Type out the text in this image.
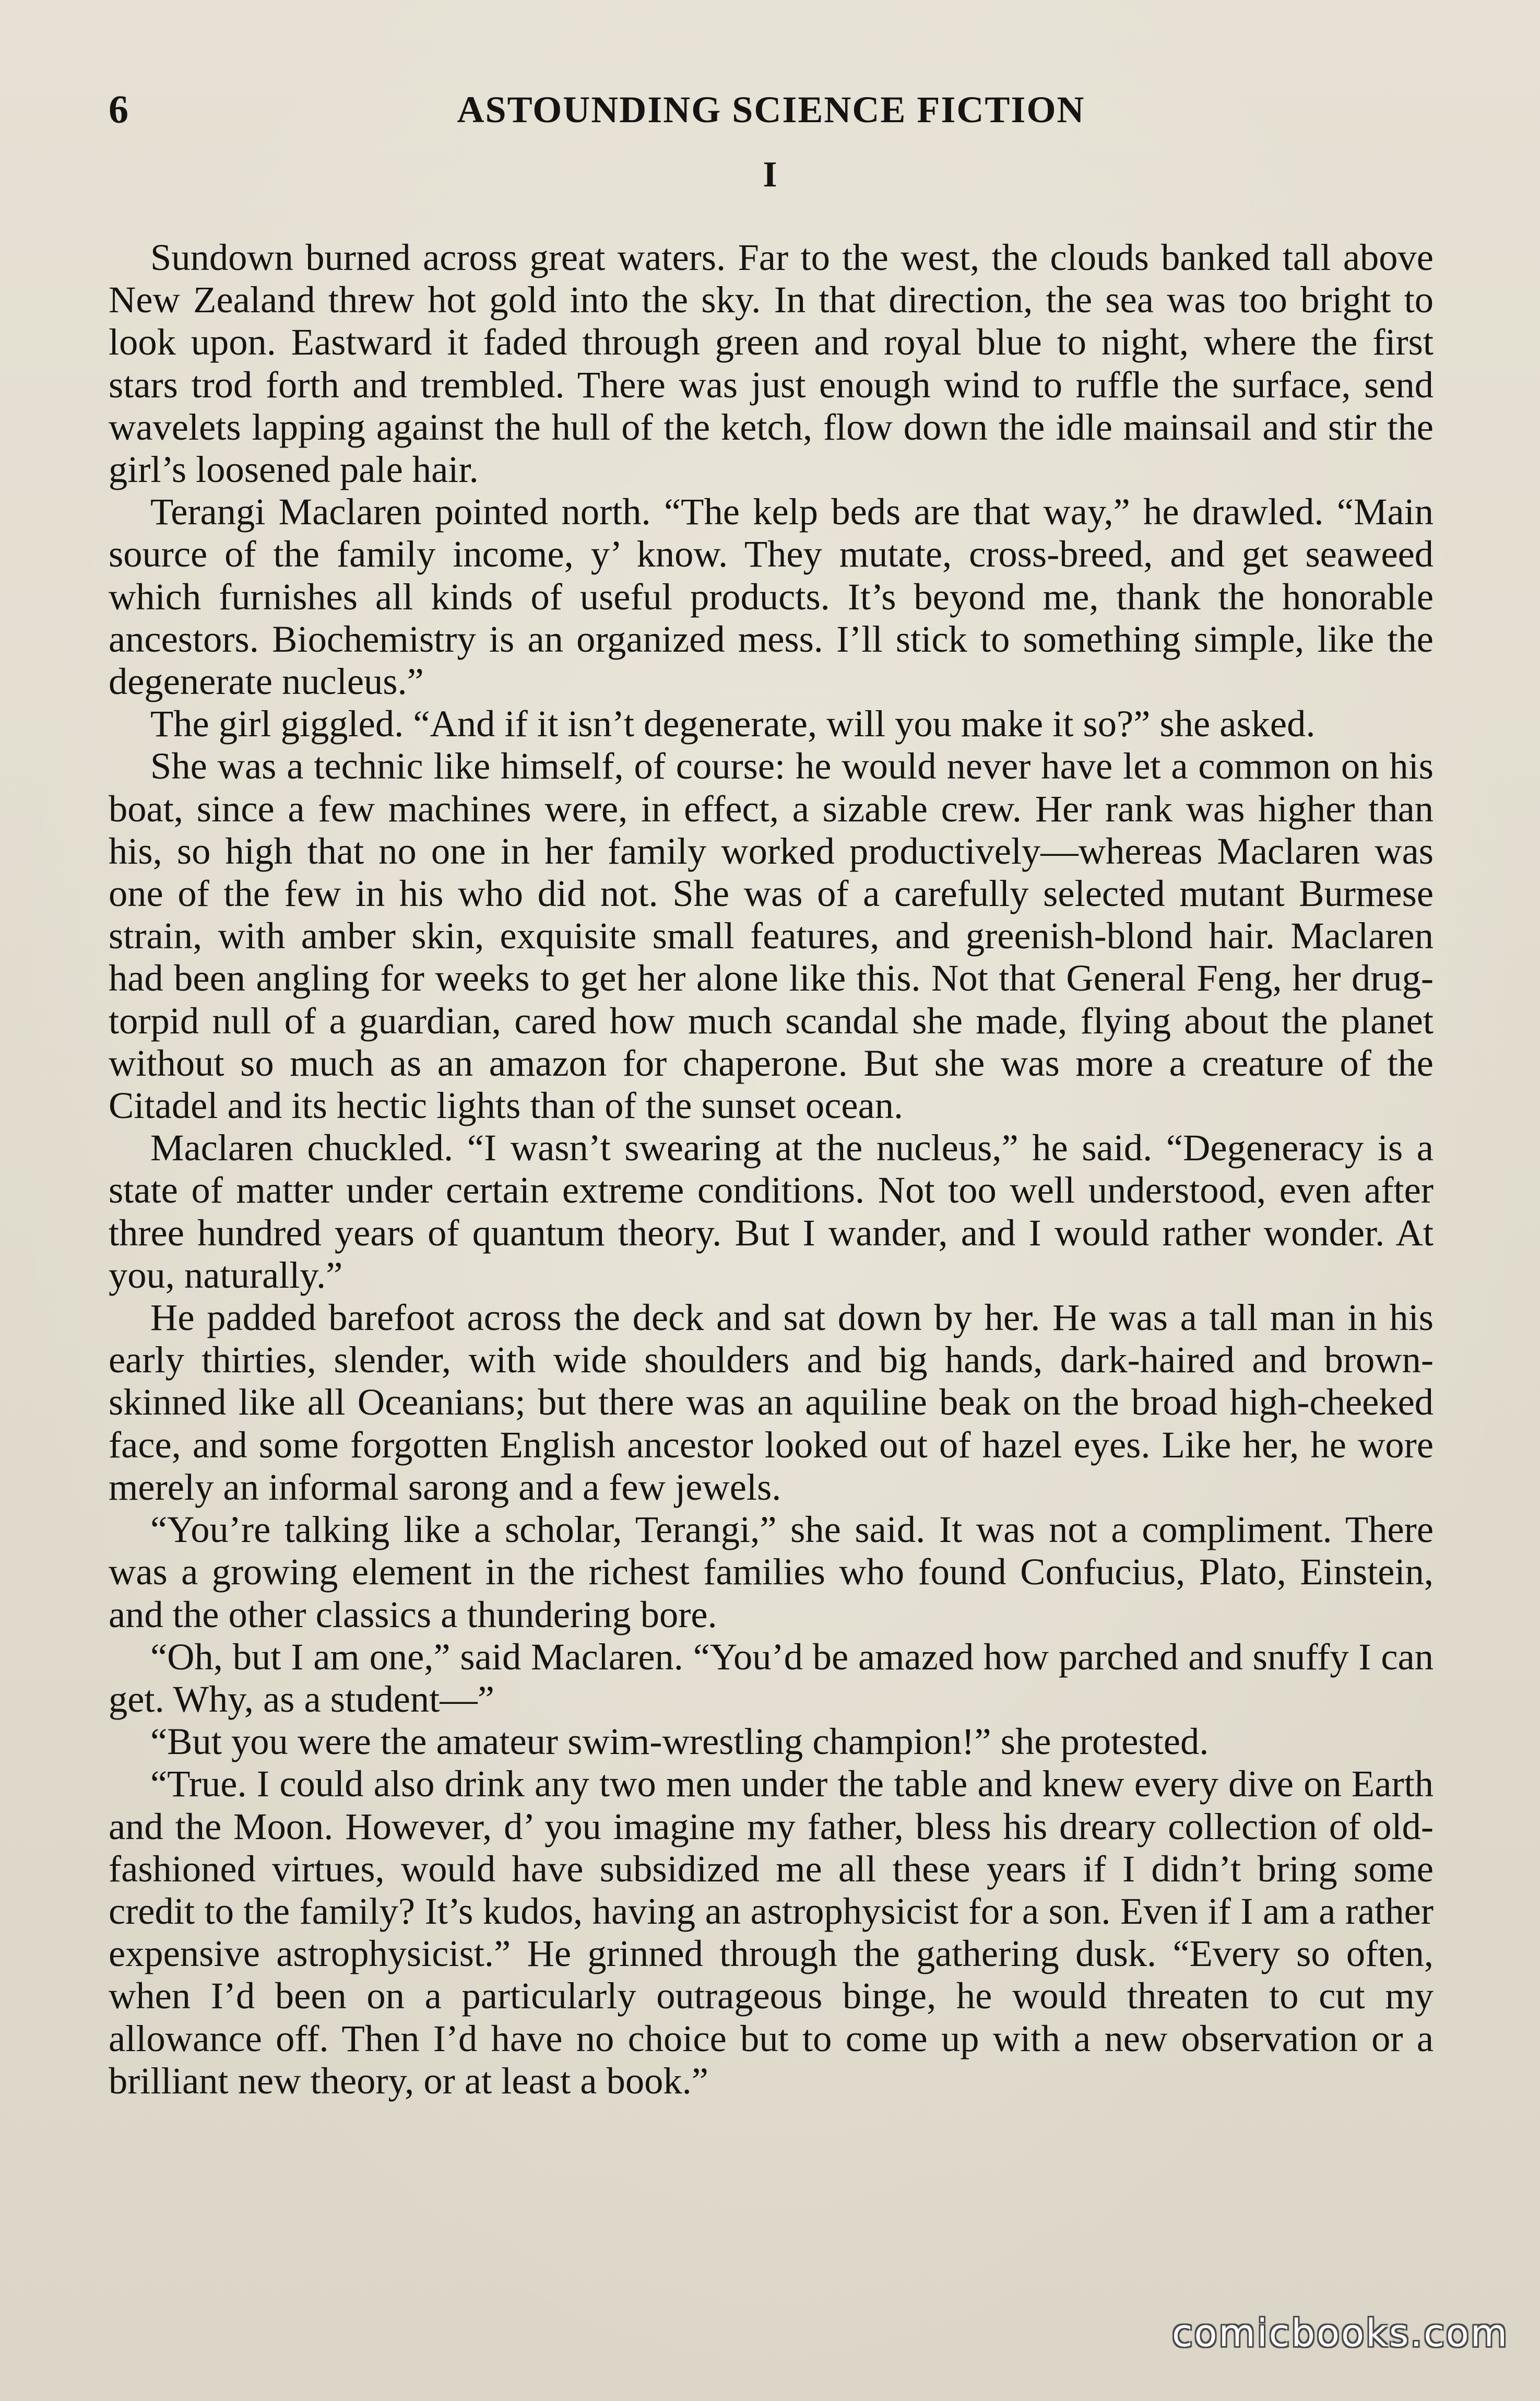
6	ASTOUNDING SCIENCE FICTION
I

Sundown burned across great waters. Far to the west, the clouds banked tall above New Zealand threw hot gold into the sky. In that direction, the sea was too bright to look upon. Eastward it faded through green and royal blue to night, where the first stars trod forth and trembled. There was just enough wind to ruffle the surface, send wavelets lapping against the hull of the ketch, flow down the idle mainsail and stir the girl’s loosened pale hair.

Terangi Maclaren pointed north. “The kelp beds are that way,” he drawled. “Main source of the family income, y’ know. They mutate, cross-breed, and get seaweed which furnishes all kinds of useful products. It’s beyond me, thank the honorable ancestors. Biochemistry is an organized mess. I’ll stick to something simple, like the degenerate nucleus.”

The girl giggled. “And if it isn’t degenerate, will you make it so?” she asked.

She was a technic like himself, of course: he would never have let a common on his boat, since a few machines were, in effect, a sizable crew. Her rank was higher than his, so high that no one in her family worked productively—whereas Maclaren was one of the few in his who did not. She was of a carefully selected mutant Burmese strain, with amber skin, exquisite small features, and greenish-blond hair. Maclaren had been angling for weeks to get her alone like this. Not that General Feng, her drug-torpid null of a guardian, cared how much scandal she made, flying about the planet without so much as an amazon for chaperone. But she was more a creature of the Citadel and its hectic lights than of the sunset ocean.

Maclaren chuckled. “I wasn’t swearing at the nucleus,” he said. “Degeneracy is a state of matter under certain extreme conditions. Not too well understood, even after three hundred years of quantum theory. But I wander, and I would rather wonder. At you, naturally.”

He padded barefoot across the deck and sat down by her. He was a tall man in his early thirties, slender, with wide shoulders and big hands, dark-haired and brown-skinned like all Oceanians; but there was an aquiline beak on the broad high-cheeked face, and some forgotten English ancestor looked out of hazel eyes. Like her, he wore merely an informal sarong and a few jewels.

“You’re talking like a scholar, Terangi,” she said. It was not a compliment. There was a growing element in the richest families who found Confucius, Plato, Einstein, and the other classics a thundering bore.

“Oh, but I am one,” said Maclaren. “You’d be amazed how parched and snuffy I can get. Why, as a student—”

“But you were the amateur swim-wrestling champion!” she protested.

“True. I could also drink any two men under the table and knew every dive on Earth and the Moon. However, d’ you imagine my father, bless his dreary collection of old-fashioned virtues, would have subsidized me all these years if I didn’t bring some credit to the family? It’s kudos, having an astrophysicist for a son. Even if I am a rather expensive astrophysicist.” He grinned through the gathering dusk. “Every so often, when I’d been on a particularly outrageous binge, he would threaten to cut my allowance off. Then I’d have no choice but to come up with a new observation or a brilliant new theory, or at least a book.”

comicbooks.com
